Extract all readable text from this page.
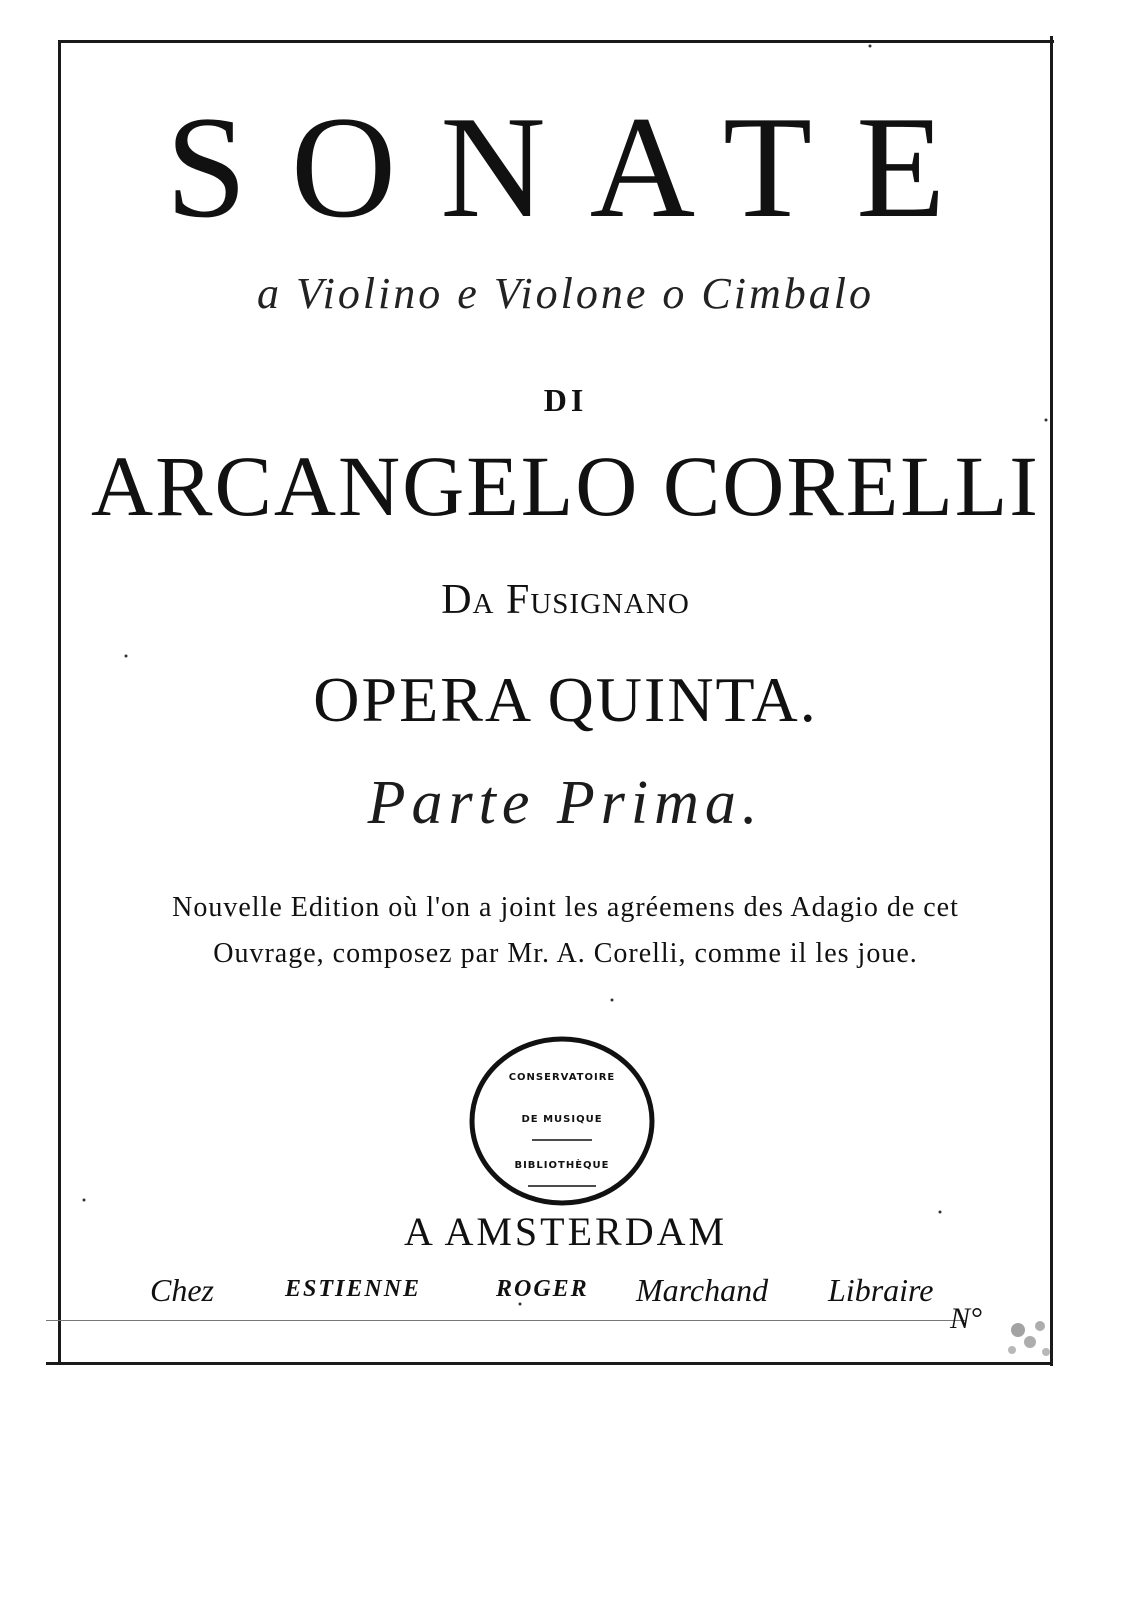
SONATE
a Violino e Violone o Cimbalo
DI
ARCANGELO CORELLI
Da Fusignano
OPERA QUINTA.
Parte Prima.
Nouvelle Edition où l'on a joint les agréemens des Adagio de cet
Ouvrage, composez par Mr. A. Corelli, comme il les joue.
CONSERVATOIRE
DE MUSIQUE
BIBLIOTHÈQUE
A AMSTERDAM
Chez	ESTIENNE	ROGER Marchand Libraire
N°
